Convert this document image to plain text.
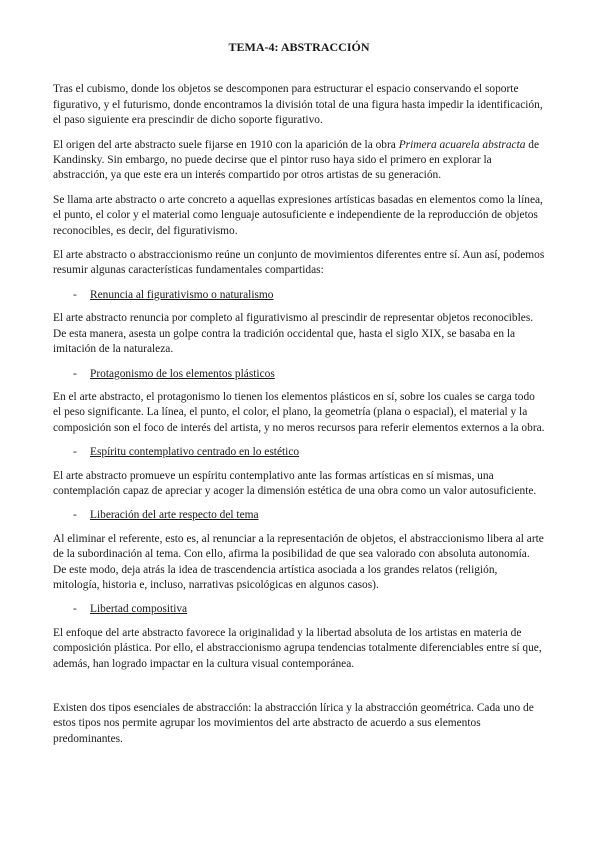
TEMA-4: ABSTRACCIÓN

Tras el cubismo, donde los objetos se descomponen para estructurar el espacio conservando el soporte figurativo, y el futurismo, donde encontramos la división total de una figura hasta impedir la identificación, el paso siguiente era prescindir de dicho soporte figurativo.

El origen del arte abstracto suele fijarse en 1910 con la aparición de la obra Primera acuarela abstracta de Kandinsky. Sin embargo, no puede decirse que el pintor ruso haya sido el primero en explorar la abstracción, ya que este era un interés compartido por otros artistas de su generación.

Se llama arte abstracto o arte concreto a aquellas expresiones artísticas basadas en elementos como la línea, el punto, el color y el material como lenguaje autosuficiente e independiente de la reproducción de objetos reconocibles, es decir, del figurativismo.

El arte abstracto o abstraccionismo reúne un conjunto de movimientos diferentes entre sí. Aun así, podemos resumir algunas características fundamentales compartidas:

- Renuncia al figurativismo o naturalismo

El arte abstracto renuncia por completo al figurativismo al prescindir de representar objetos reconocibles. De esta manera, asesta un golpe contra la tradición occidental que, hasta el siglo XIX, se basaba en la imitación de la naturaleza.

- Protagonismo de los elementos plásticos

En el arte abstracto, el protagonismo lo tienen los elementos plásticos en sí, sobre los cuales se carga todo el peso significante. La línea, el punto, el color, el plano, la geometría (plana o espacial), el material y la composición son el foco de interés del artista, y no meros recursos para referir elementos externos a la obra.

- Espíritu contemplativo centrado en lo estético

El arte abstracto promueve un espíritu contemplativo ante las formas artísticas en sí mismas, una contemplación capaz de apreciar y acoger la dimensión estética de una obra como un valor autosuficiente.

- Liberación del arte respecto del tema

Al eliminar el referente, esto es, al renunciar a la representación de objetos, el abstraccionismo libera al arte de la subordinación al tema. Con ello, afirma la posibilidad de que sea valorado con absoluta autonomía. De este modo, deja atrás la idea de trascendencia artística asociada a los grandes relatos (religión, mitología, historia e, incluso, narrativas psicológicas en algunos casos).

- Libertad compositiva

El enfoque del arte abstracto favorece la originalidad y la libertad absoluta de los artistas en materia de composición plástica. Por ello, el abstraccionismo agrupa tendencias totalmente diferenciables entre sí que, además, han logrado impactar en la cultura visual contemporánea.

Existen dos tipos esenciales de abstracción: la abstracción lírica y la abstracción geométrica. Cada uno de estos tipos nos permite agrupar los movimientos del arte abstracto de acuerdo a sus elementos predominantes.
